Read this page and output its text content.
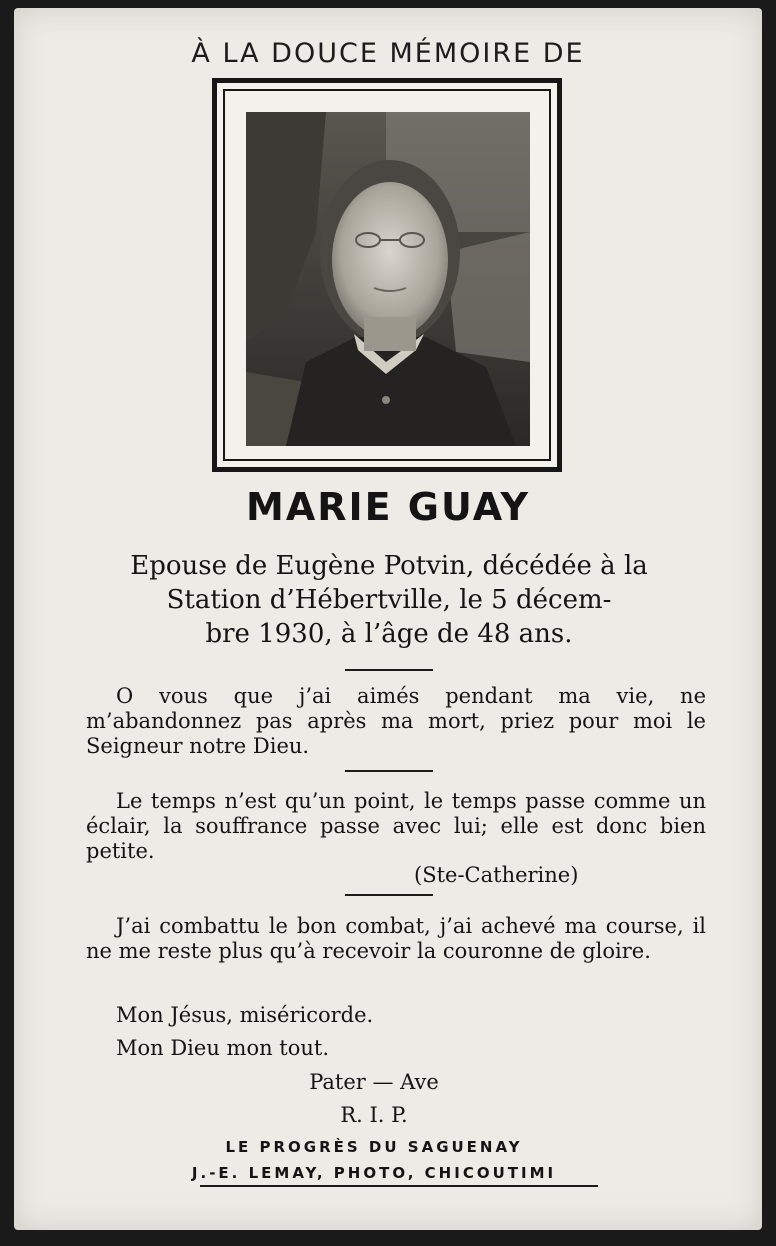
À LA DOUCE MÉMOIRE DE
MARIE GUAY
Epouse de Eugène Potvin, décédée à la
Station d’Hébertville, le 5 décem-
bre 1930, à l’âge de 48 ans.

O vous que j’ai aimés pendant ma vie, ne m’abandonnez pas après ma mort, priez pour moi le Seigneur notre Dieu.

Le temps n’est qu’un point, le temps passe comme un éclair, la souffrance passe avec lui; elle est donc bien petite.

(Ste-Catherine)

J’ai combattu le bon combat, j’ai achevé ma course, il ne me reste plus qu’à recevoir la couronne de gloire.

Mon Jésus, miséricorde.
Mon Dieu mon tout.
Pater — Ave
R. I. P.
LE PROGRÈS DU SAGUENAY
J.-E. LEMAY, PHOTO, CHICOUTIMI
